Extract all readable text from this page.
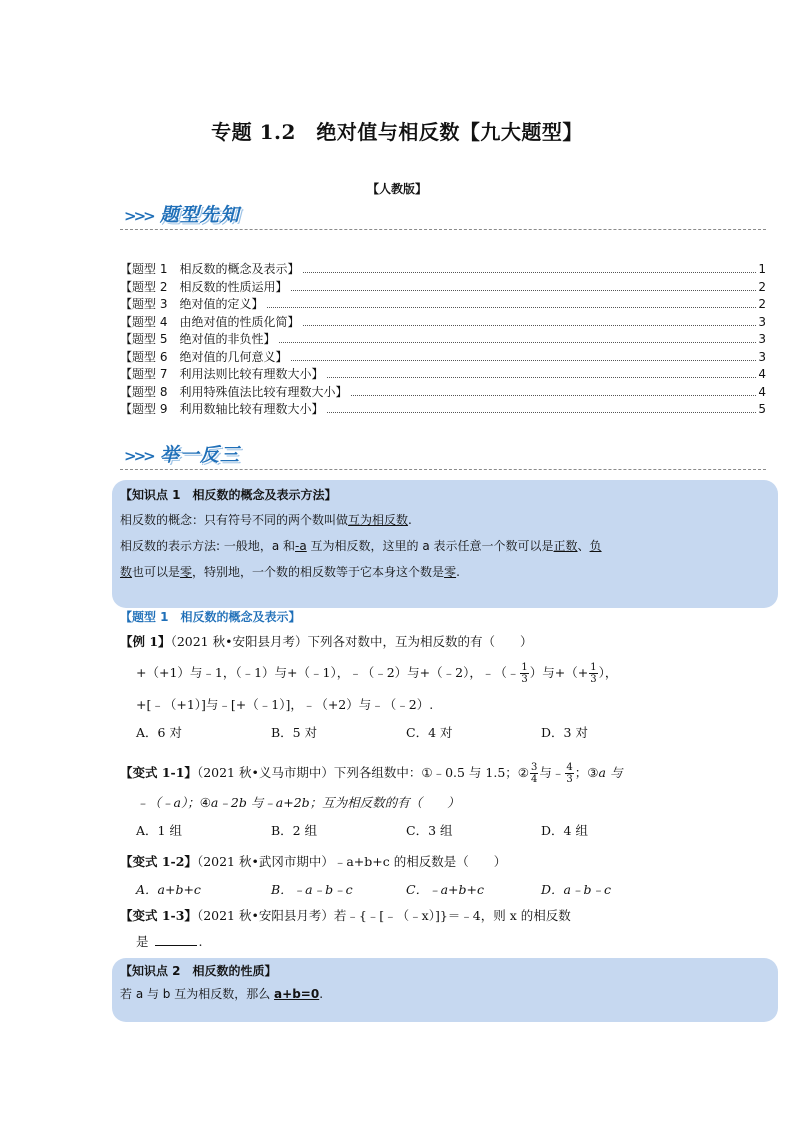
专题 1.2　绝对值与相反数【九大题型】
【人教版】
>>> 题型先知
【题型 1　相反数的概念及表示】	1
【题型 2　相反数的性质运用】	2
【题型 3　绝对值的定义】	2
【题型 4　由绝对值的性质化简】	3
【题型 5　绝对值的非负性】	3
【题型 6　绝对值的几何意义】	3
【题型 7　利用法则比较有理数大小】	4
【题型 8　利用特殊值法比较有理数大小】	4
【题型 9　利用数轴比较有理数大小】	5
>>> 举一反三
【知识点 1　相反数的概念及表示方法】
相反数的概念：只有符号不同的两个数叫做互为相反数.
相反数的表示方法: 一般地，a 和-a 互为相反数，这里的 a 表示任意一个数可以是正数、负
数也可以是零，特别地，一个数的相反数等于它本身这个数是零.
【题型 1　相反数的概念及表示】
【例 1】（2021 秋•安阳县月考）下列各对数中，互为相反数的有（　　）
+（+1）与﹣1，（﹣1）与+（﹣1），﹣（﹣2）与+（﹣2），﹣（﹣ $\frac{1}{3}$ ）与+（+ $\frac{1}{3}$ ），
+[﹣（+1）]与﹣[+（﹣1）]，﹣（+2）与﹣（﹣2）.
A．6 对	B．5 对	C．4 对	D．3 对
【变式 1-1】（2021 秋•义马市期中）下列各组数中：①﹣0.5 与 1.5；② $\frac{3}{4}$ 与﹣ $\frac{4}{3}$ ；③a 与
﹣（﹣a）；④a﹣2b 与﹣a+2b；互为相反数的有（　　）
A．1 组	B．2 组	C．3 组	D．4 组
【变式 1-2】（2021 秋•武冈市期中）﹣a+b+c 的相反数是（　　）
A．a+b+c	B．﹣a﹣b﹣c	C．﹣a+b+c	D．a﹣b﹣c
【变式 1-3】（2021 秋•安阳县月考）若﹣{﹣[﹣（﹣x）]}＝﹣4，则 x 的相反数
是	.
【知识点 2　相反数的性质】
若 a 与 b 互为相反数，那么 a+b=0.
